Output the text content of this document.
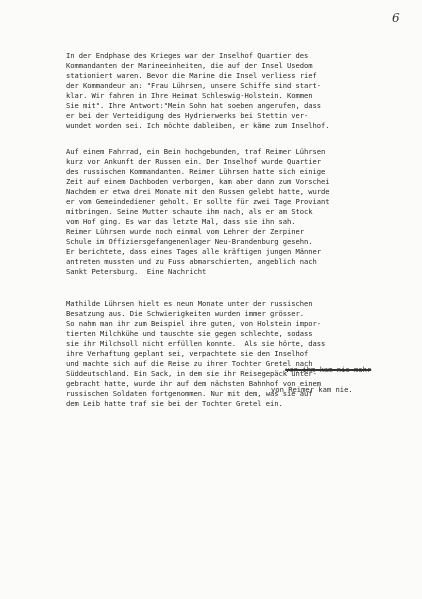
6
In der Endphase des Krieges war der Inselhof Quartier des
Kommandanten der Marineeinheiten, die auf der Insel Usedom
stationiert waren. Bevor die Marine die Insel verliess rief
der Kommandeur an: "Frau Lührsen, unsere Schiffe sind start-
klar. Wir fahren in Ihre Heimat Schleswig-Holstein. Kommen
Sie mit". Ihre Antwort:"Mein Sohn hat soeben angerufen, dass
er bei der Verteidigung des Hydrierwerks bei Stettin ver-
wundet worden sei. Ich möchte dableiben, er käme zum Inselhof.
Auf einem Fahrrad, ein Bein hochgebunden, traf Reimer Lührsen
kurz vor Ankunft der Russen ein. Der Inselhof wurde Quartier
des russischen Kommandanten. Reimer Lührsen hatte sich einige
Zeit auf einem Dachboden verborgen, kam aber dann zum Vorschei
Nachdem er etwa drei Monate mit den Russen gelebt hatte, wurde
er vom Gemeindediener geholt. Er sollte für zwei Tage Proviant
mitbringen. Seine Mutter schaute ihm nach, als er am Stock
vom Hof ging. Es war das letzte Mal, dass sie ihn sah.
Reimer Lührsen wurde noch einmal vom Lehrer der Zerpiner
Schule im Offiziersgefangenenlager Neu-Brandenburg gesehn.
Er berichtete, dass eines Tages alle kräftigen jungen Männer
antreten mussten und zu Fuss abmarschierten, angeblich nach
Sankt Petersburg.  Eine Nachricht
Mathilde Lührsen hielt es neun Monate unter der russischen
Besatzung aus. Die Schwierigkeiten wurden immer grösser.
So nahm man ihr zum Beispiel ihre guten, von Holstein impor-
tierten Milchkühe und tauschte sie gegen schlechte, sodass
sie ihr Milchsoll nicht erfüllen konnte.  Als sie hörte, dass
ihre Verhaftung geplant sei, verpachtete sie den Inselhof
und machte sich auf die Reise zu ihrer Tochter Gretel nach
Süddeutschland. Ein Sack, in dem sie ihr Reisegepäck unter-
gebracht hatte, wurde ihr auf dem nächsten Bahnhof von einem
russischen Soldaten fortgenommen. Nur mit dem, was sie auf
dem Leib hatte traf sie bei der Tochter Gretel ein.

von ihm kam nie mehr

von Reimer kam nie.
